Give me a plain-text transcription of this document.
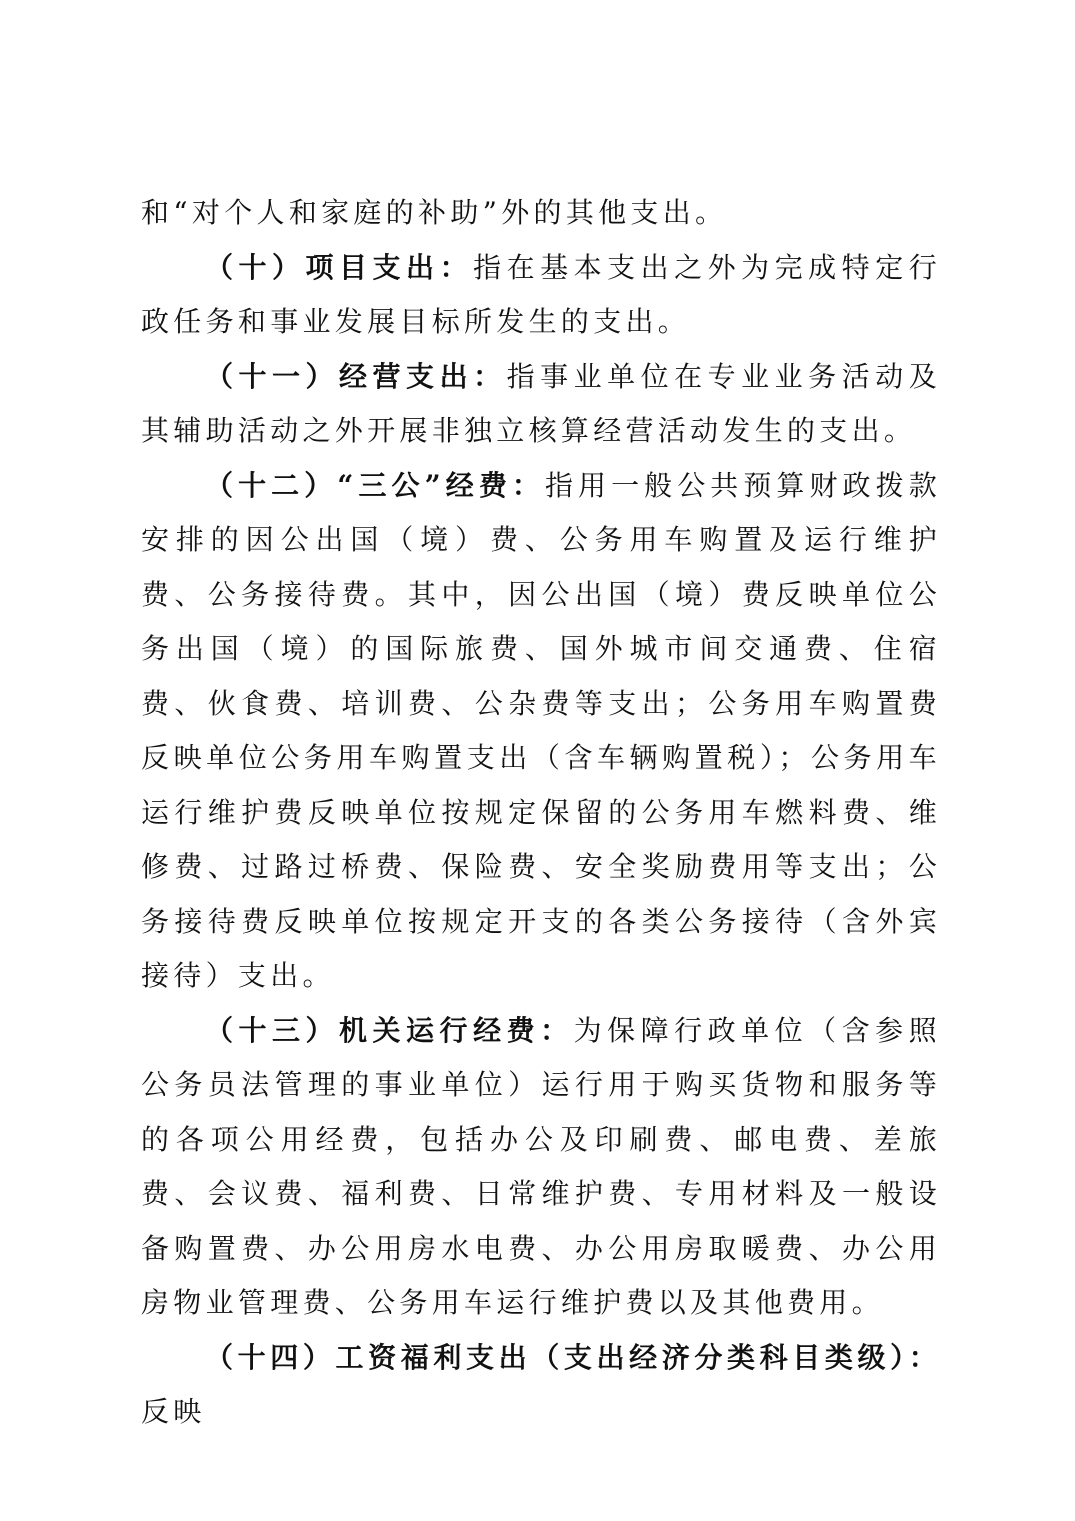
和“对个人和家庭的补助”外的其他支出。

（十）项目支出：指在基本支出之外为完成特定行政任务和事业发展目标所发生的支出。

（十一）经营支出：指事业单位在专业业务活动及其辅助活动之外开展非独立核算经营活动发生的支出。

（十二）“三公”经费：指用一般公共预算财政拨款安排的因公出国（境）费、公务用车购置及运行维护费、公务接待费。其中，因公出国（境）费反映单位公务出国（境）的国际旅费、国外城市间交通费、住宿费、伙食费、培训费、公杂费等支出；公务用车购置费反映单位公务用车购置支出（含车辆购置税）；公务用车运行维护费反映单位按规定保留的公务用车燃料费、维修费、过路过桥费、保险费、安全奖励费用等支出；公务接待费反映单位按规定开支的各类公务接待（含外宾接待）支出。

（十三）机关运行经费：为保障行政单位（含参照公务员法管理的事业单位）运行用于购买货物和服务等的各项公用经费，包括办公及印刷费、邮电费、差旅费、会议费、福利费、日常维护费、专用材料及一般设备购置费、办公用房水电费、办公用房取暖费、办公用房物业管理费、公务用车运行维护费以及其他费用。

（十四）工资福利支出（支出经济分类科目类级）：反映
